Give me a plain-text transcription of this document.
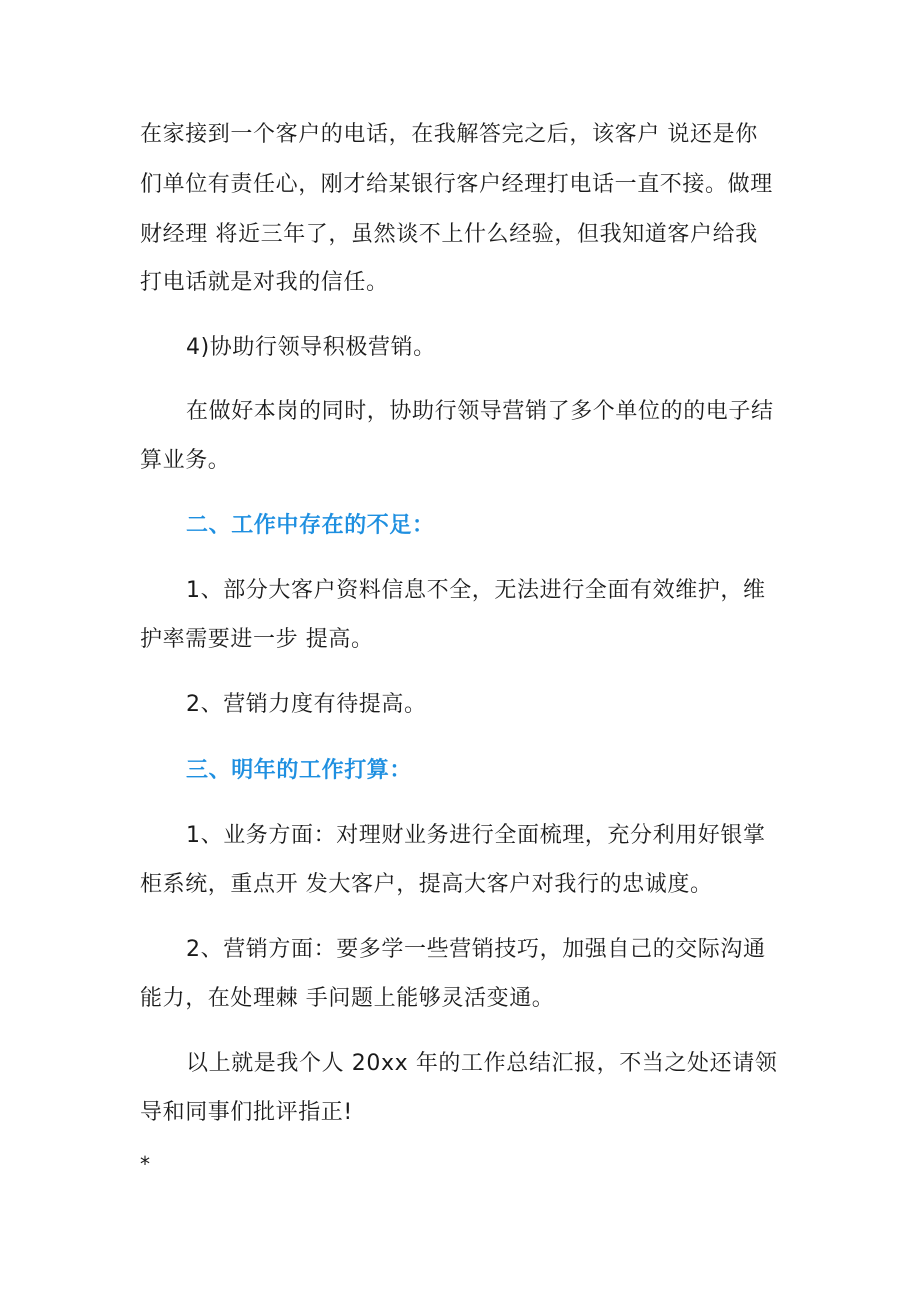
在家接到一个客户的电话，在我解答完之后，该客户 说还是你

们单位有责任心，刚才给某银行客户经理打电话一直不接。做理

财经理 将近三年了，虽然谈不上什么经验，但我知道客户给我

打电话就是对我的信任。

4)协助行领导积极营销。

在做好本岗的同时，协助行领导营销了多个单位的的电子结

算业务。

二、工作中存在的不足：

1、部分大客户资料信息不全，无法进行全面有效维护，维

护率需要进一步 提高。

2、营销力度有待提高。

三、明年的工作打算：

1、业务方面：对理财业务进行全面梳理，充分利用好银掌

柜系统，重点开 发大客户，提高大客户对我行的忠诚度。

2、营销方面：要多学一些营销技巧，加强自己的交际沟通

能力，在处理棘 手问题上能够灵活变通。

以上就是我个人 20xx 年的工作总结汇报，不当之处还请领

导和同事们批评指正!

*
